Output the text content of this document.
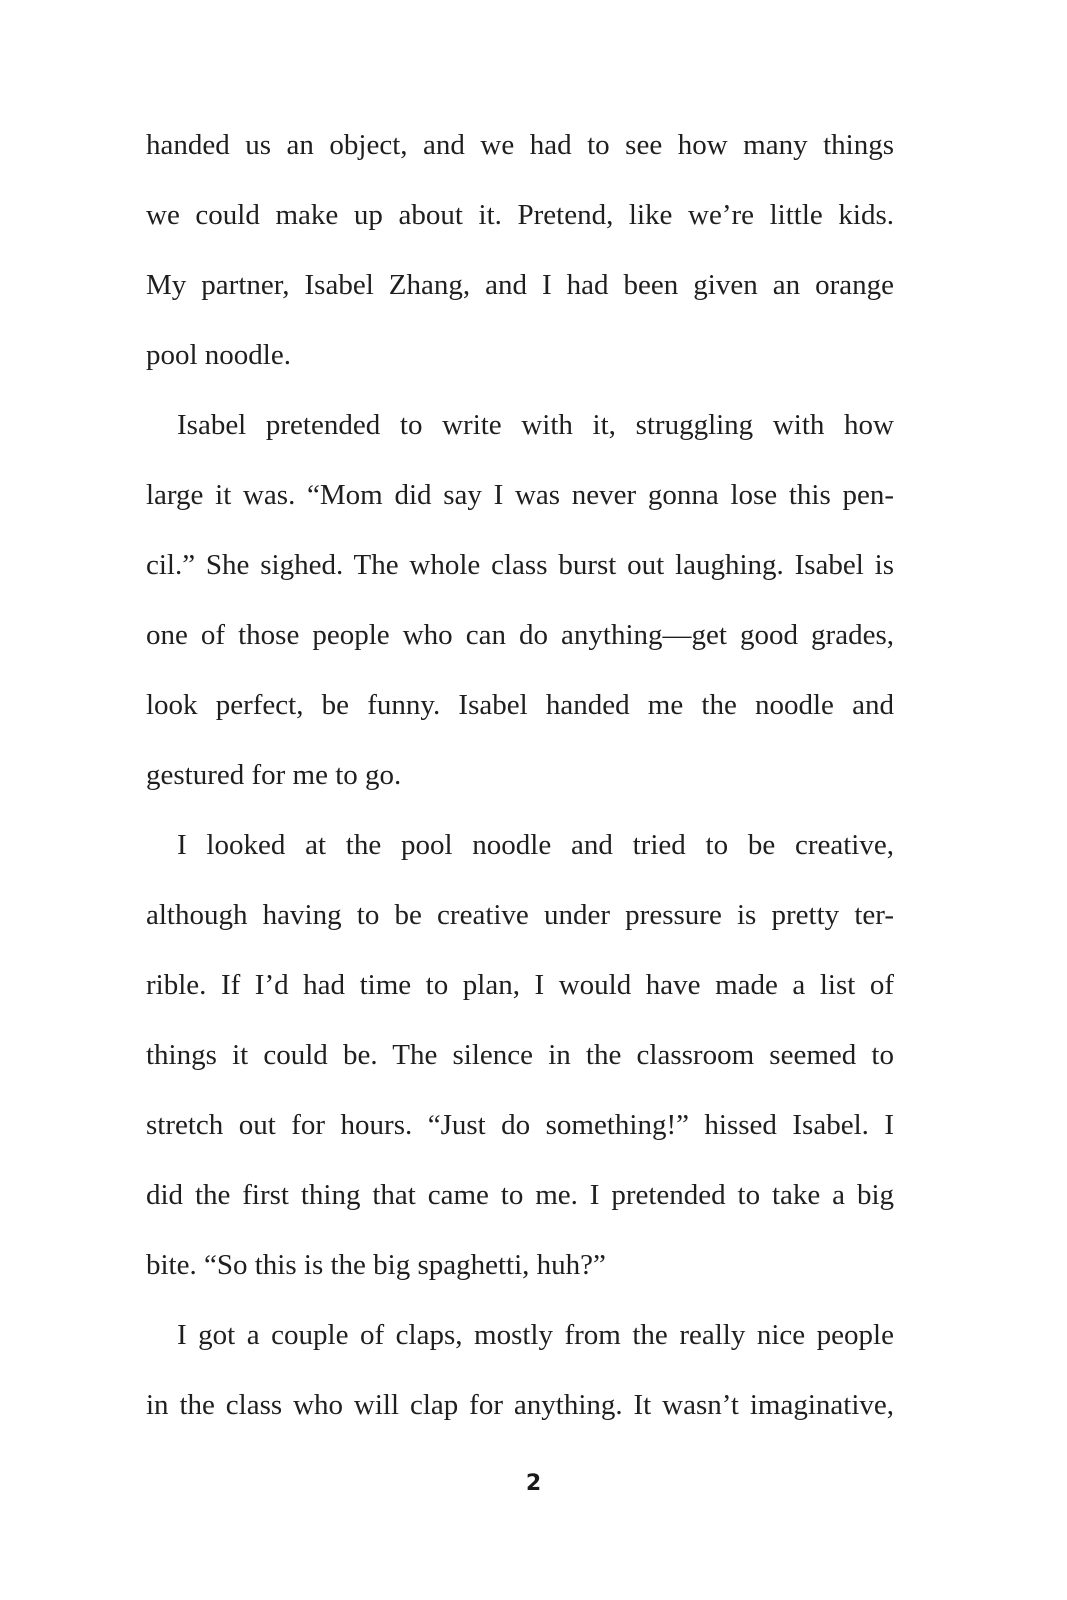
handed us an object, and we had to see how many things
we could make up about it. Pretend, like we’re little kids.
My partner, Isabel Zhang, and I had been given an orange
pool noodle.
Isabel pretended to write with it, struggling with how
large it was. “Mom did say I was never gonna lose this pen-
cil.” She sighed. The whole class burst out laughing. Isabel is
one of those people who can do anything—get good grades,
look perfect, be funny. Isabel handed me the noodle and
gestured for me to go.
I looked at the pool noodle and tried to be creative,
although having to be creative under pressure is pretty ter-
rible. If I’d had time to plan, I would have made a list of
things it could be. The silence in the classroom seemed to
stretch out for hours. “Just do something!” hissed Isabel. I
did the first thing that came to me. I pretended to take a big
bite. “So this is the big spaghetti, huh?”
I got a couple of claps, mostly from the really nice people
in the class who will clap for anything. It wasn’t imaginative,
2
